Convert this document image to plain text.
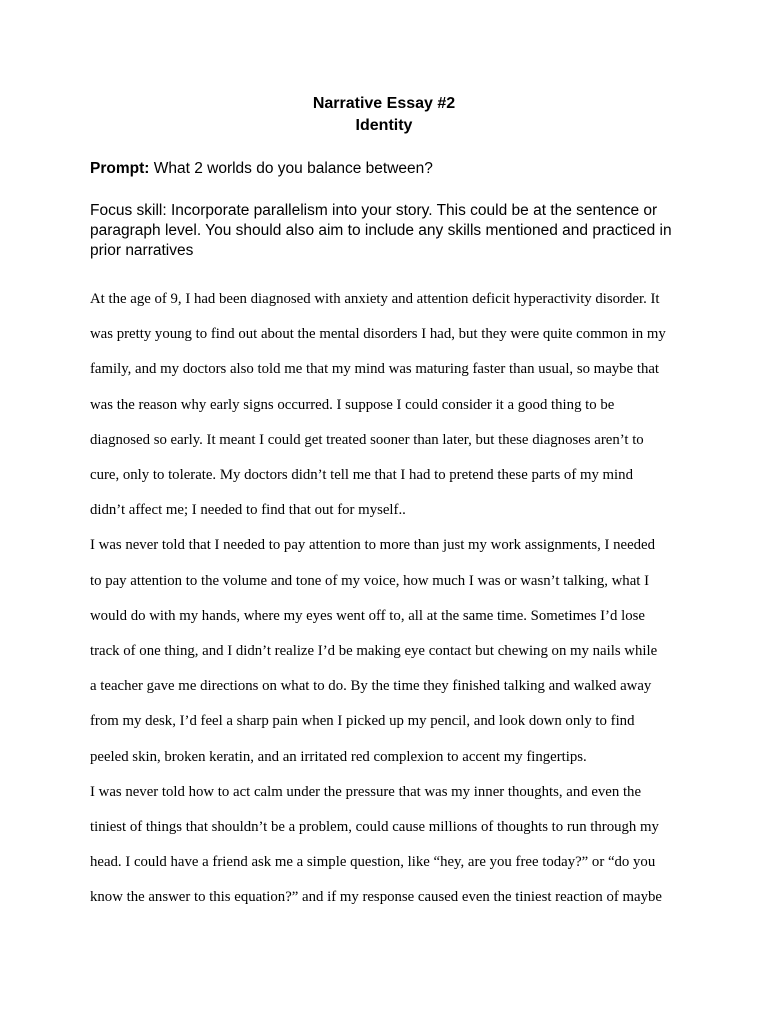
Narrative Essay #2
Identity

Prompt: What 2 worlds do you balance between?

Focus skill: Incorporate parallelism into your story. This could be at the sentence or
paragraph level. You should also aim to include any skills mentioned and practiced in
prior narratives

At the age of 9, I had been diagnosed with anxiety and attention deficit hyperactivity disorder. It
was pretty young to find out about the mental disorders I had, but they were quite common in my
family, and my doctors also told me that my mind was maturing faster than usual, so maybe that
was the reason why early signs occurred. I suppose I could consider it a good thing to be
diagnosed so early. It meant I could get treated sooner than later, but these diagnoses aren’t to
cure, only to tolerate. My doctors didn’t tell me that I had to pretend these parts of my mind
didn’t affect me; I needed to find that out for myself..
I was never told that I needed to pay attention to more than just my work assignments, I needed
to pay attention to the volume and tone of my voice, how much I was or wasn’t talking, what I
would do with my hands, where my eyes went off to, all at the same time. Sometimes I’d lose
track of one thing, and I didn’t realize I’d be making eye contact but chewing on my nails while
a teacher gave me directions on what to do. By the time they finished talking and walked away
from my desk, I’d feel a sharp pain when I picked up my pencil, and look down only to find
peeled skin, broken keratin, and an irritated red complexion to accent my fingertips.
I was never told how to act calm under the pressure that was my inner thoughts, and even the
tiniest of things that shouldn’t be a problem, could cause millions of thoughts to run through my
head. I could have a friend ask me a simple question, like “hey, are you free today?” or “do you
know the answer to this equation?” and if my response caused even the tiniest reaction of maybe
